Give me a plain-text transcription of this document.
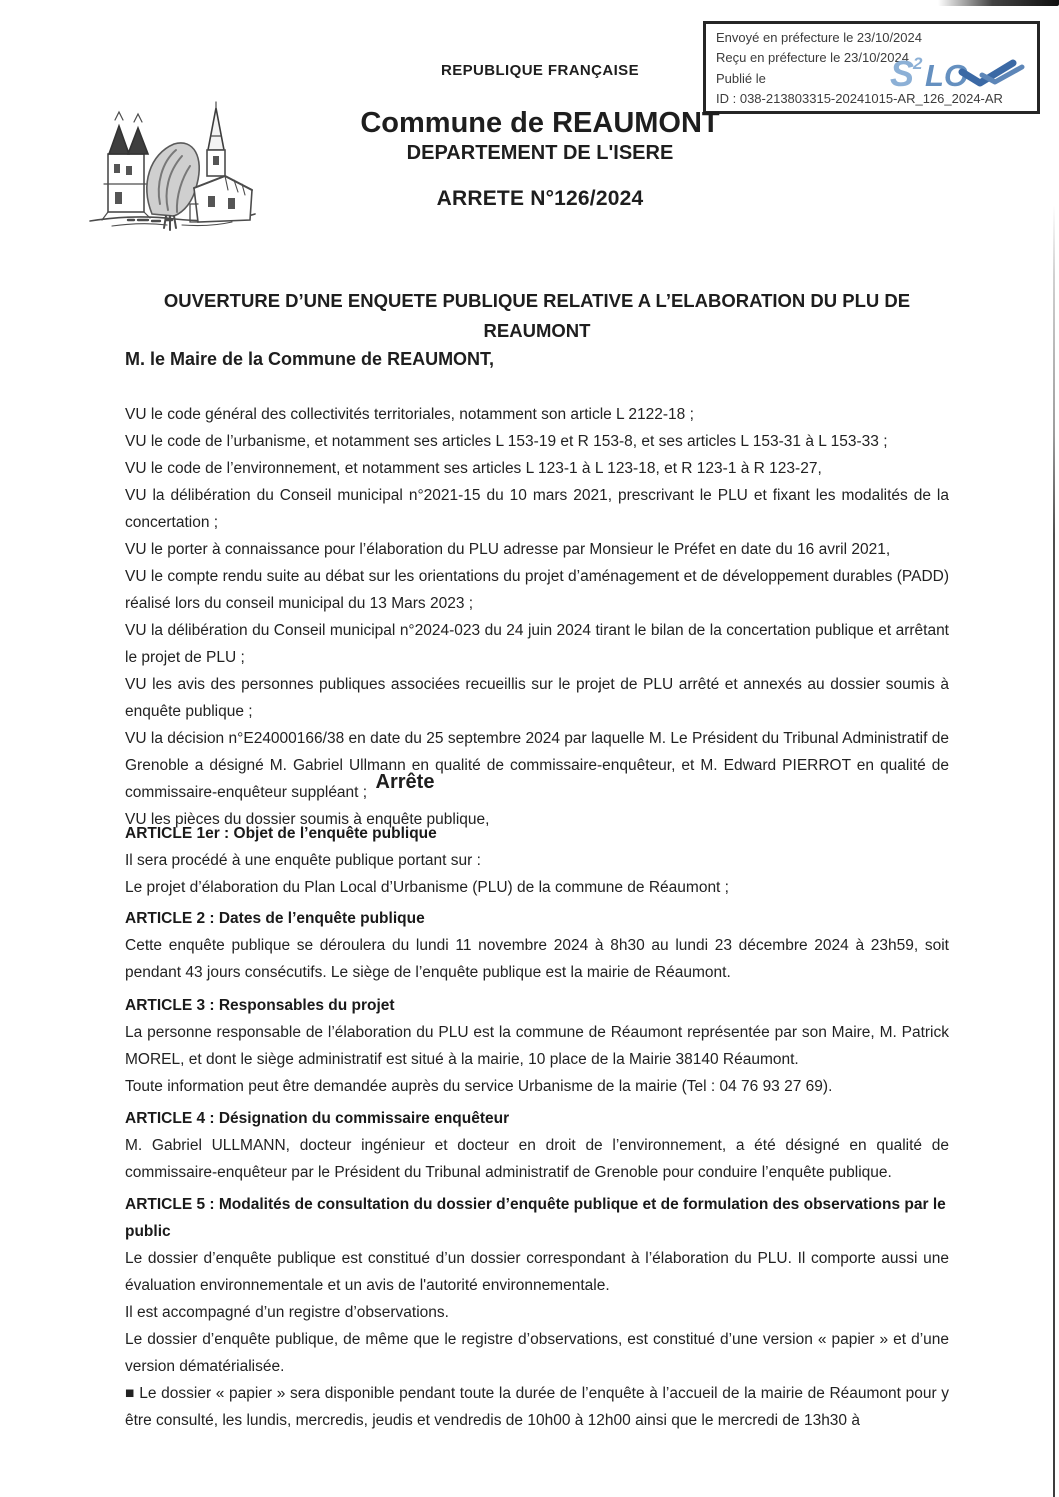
Envoyé en préfecture le 23/10/2024
Reçu en préfecture le 23/10/2024
Publié le
ID : 038-213803315-20241015-AR_126_2024-AR
S
2 LO
REPUBLIQUE FRANÇAISE
Commune de REAUMONT
DEPARTEMENT DE L'ISERE
ARRETE N°126/2024
OUVERTURE D’UNE ENQUETE PUBLIQUE RELATIVE A L’ELABORATION DU PLU DE
REAUMONT
M. le Maire de la Commune de REAUMONT,

VU le code général des collectivités territoriales, notamment son article L 2122-18 ;

VU le code de l’urbanisme, et notamment ses articles L 153-19 et R 153-8, et ses articles L 153-31 à L 153-33 ;

VU le code de l’environnement, et notamment ses articles L 123-1 à L 123-18, et R 123-1 à R 123-27,

VU la délibération du Conseil municipal n°2021-15 du 10 mars 2021, prescrivant le PLU et fixant les modalités de la concertation ;

VU le porter à connaissance pour l’élaboration du PLU adresse par Monsieur le Préfet en date du 16 avril 2021,

VU le compte rendu suite au débat sur les orientations du projet d’aménagement et de développement durables (PADD) réalisé lors du conseil municipal du 13 Mars 2023 ;

VU la délibération du Conseil municipal n°2024-023 du 24 juin 2024 tirant le bilan de la concertation publique et arrêtant le projet de PLU ;

VU les avis des personnes publiques associées recueillis sur le projet de PLU arrêté et annexés au dossier soumis à enquête publique ;

VU la décision n°E24000166/38 en date du 25 septembre 2024 par laquelle M. Le Président du Tribunal Administratif de Grenoble a désigné M. Gabriel Ullmann en qualité de commissaire-enquêteur, et M. Edward PIERROT en qualité de commissaire-enquêteur suppléant ;

VU les pièces du dossier soumis à enquête publique,

Arrête
ARTICLE 1er : Objet de l’enquête publique

Il sera procédé à une enquête publique portant sur :

Le projet d’élaboration du Plan Local d’Urbanisme (PLU) de la commune de Réaumont ;

ARTICLE 2 : Dates de l’enquête publique

Cette enquête publique se déroulera du lundi 11 novembre 2024 à 8h30 au lundi 23 décembre 2024 à 23h59, soit pendant 43 jours consécutifs. Le siège de l’enquête publique est la mairie de Réaumont.

ARTICLE 3 : Responsables du projet

La personne responsable de l’élaboration du PLU est la commune de Réaumont représentée par son Maire, M. Patrick MOREL, et dont le siège administratif est situé à la mairie, 10 place de la Mairie 38140 Réaumont.

Toute information peut être demandée auprès du service Urbanisme de la mairie (Tel : 04 76 93 27 69).

ARTICLE 4 : Désignation du commissaire enquêteur

M. Gabriel ULLMANN, docteur ingénieur et docteur en droit de l’environnement, a été désigné en qualité de commissaire-enquêteur par le Président du Tribunal administratif de Grenoble pour conduire l’enquête publique.

ARTICLE 5 : Modalités de consultation du dossier d’enquête publique et de formulation des observations par le public

Le dossier d’enquête publique est constitué d’un dossier correspondant à l’élaboration du PLU. Il comporte aussi une évaluation environnementale et un avis de l'autorité environnementale.

Il est accompagné d’un registre d’observations.

Le dossier d’enquête publique, de même que le registre d’observations, est constitué d’une version « papier » et d’une version dématérialisée.

■ Le dossier « papier » sera disponible pendant toute la durée de l’enquête à l’accueil de la mairie de Réaumont pour y être consulté, les lundis, mercredis, jeudis et vendredis de 10h00 à 12h00 ainsi que le mercredi de 13h30 à
